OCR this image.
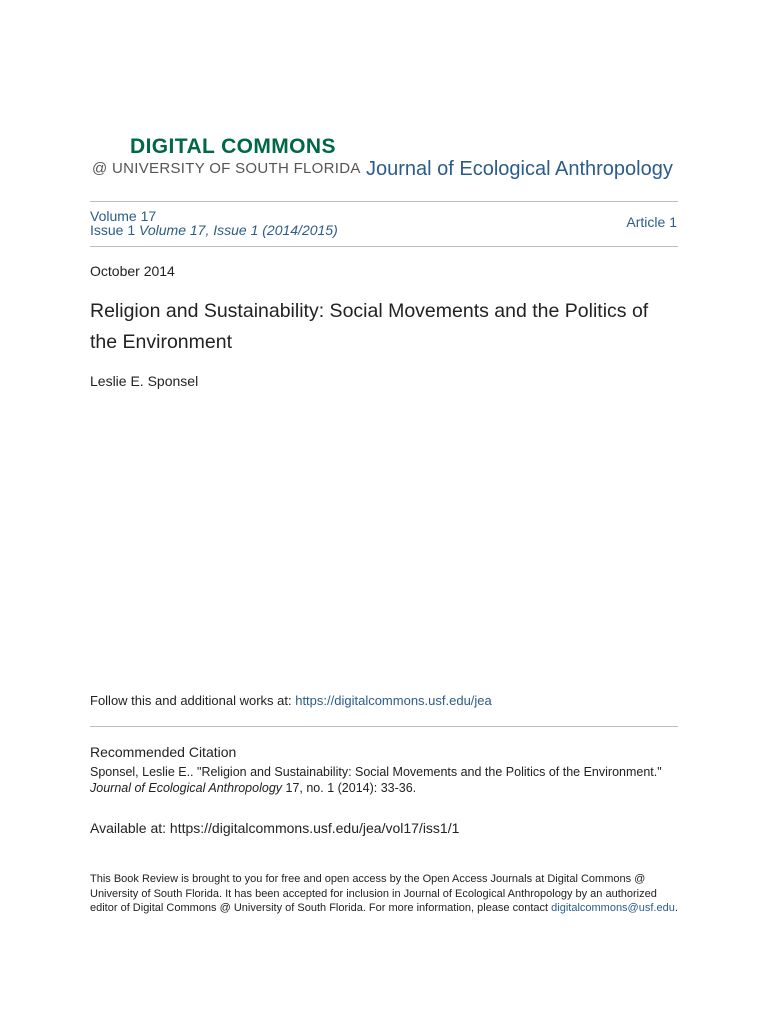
DIGITAL COMMONS
@ UNIVERSITY OF SOUTH FLORIDA Journal of Ecological Anthropology
Volume 17
Issue 1 Volume 17, Issue 1 (2014/2015)	Article 1
October 2014
Religion and Sustainability: Social Movements and the Politics of the Environment
Leslie E. Sponsel
Follow this and additional works at: https://digitalcommons.usf.edu/jea
Recommended Citation
Sponsel, Leslie E.. "Religion and Sustainability: Social Movements and the Politics of the Environment."
Journal of Ecological Anthropology 17, no. 1 (2014): 33-36.
Available at: https://digitalcommons.usf.edu/jea/vol17/iss1/1
This Book Review is brought to you for free and open access by the Open Access Journals at Digital Commons @ University of South Florida. It has been accepted for inclusion in Journal of Ecological Anthropology by an authorized editor of Digital Commons @ University of South Florida. For more information, please contact digitalcommons@usf.edu.
